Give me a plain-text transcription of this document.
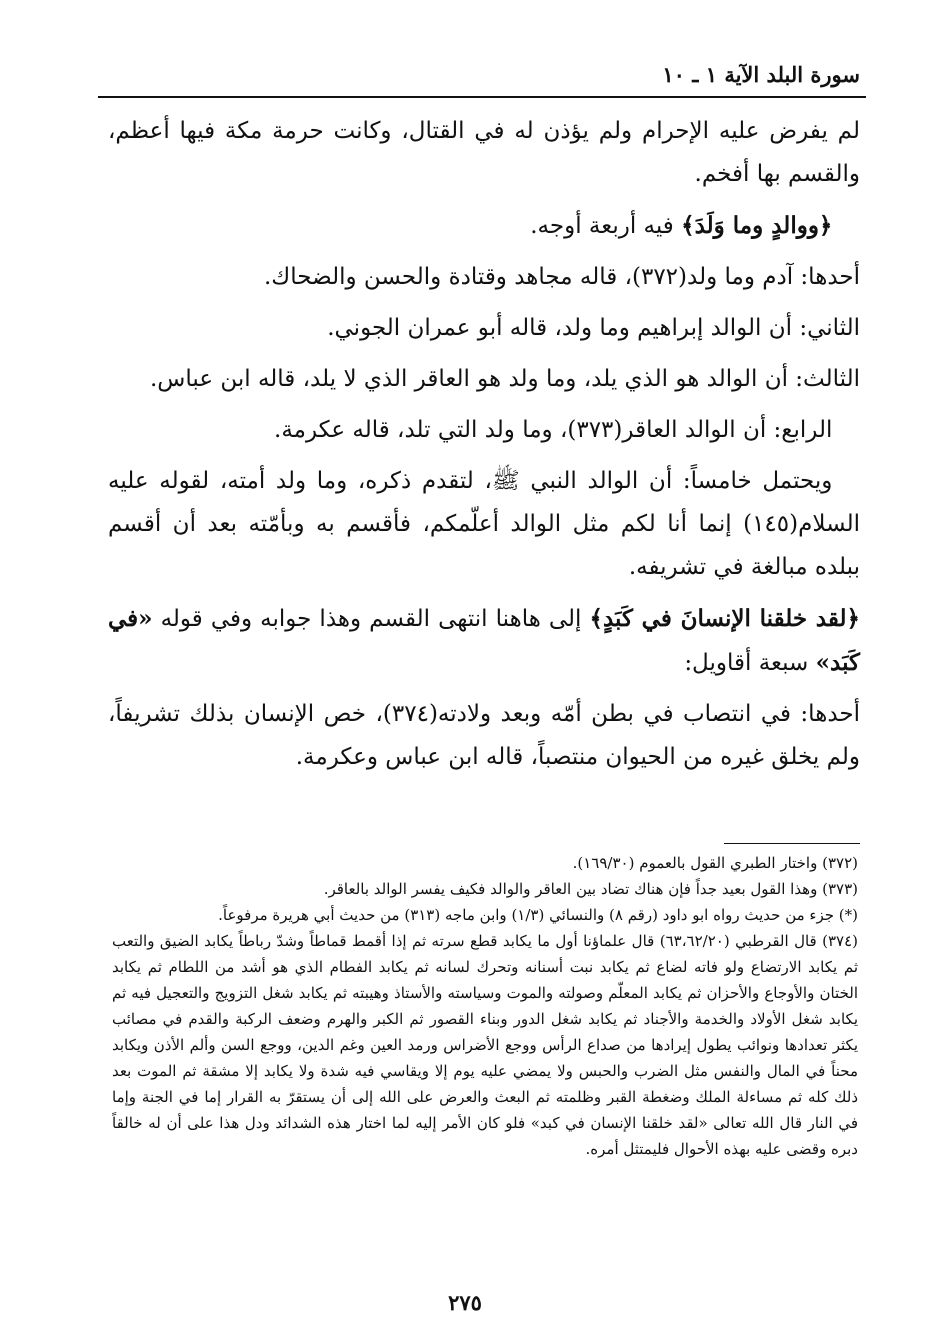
سورة البلد الآية ١ ـ ١٠

لم يفرض عليه الإحرام ولم يؤذن له في القتال، وكانت حرمة مكة فيها أعظم، والقسم بها أفخم.

﴿ووالدٍ وما وَلَدَ﴾ فيه أربعة أوجه.

أحدها: آدم وما ولد(٣٧٢)، قاله مجاهد وقتادة والحسن والضحاك.

الثاني: أن الوالد إبراهيم وما ولد، قاله أبو عمران الجوني.

الثالث: أن الوالد هو الذي يلد، وما ولد هو العاقر الذي لا يلد، قاله ابن عباس.

الرابع: أن الوالد العاقر(٣٧٣)، وما ولد التي تلد، قاله عكرمة.

ويحتمل خامساً: أن الوالد النبي ﷺ، لتقدم ذكره، وما ولد أمته، لقوله عليه السلام(١٤٥) إنما أنا لكم مثل الوالد أعلّمكم، فأقسم به وبأمّته بعد أن أقسم ببلده مبالغة في تشريفه.

﴿لقد خلقنا الإنسانَ في كَبَدٍ﴾ إلى هاهنا انتهى القسم وهذا جوابه وفي قوله «في كَبَد» سبعة أقاويل:

أحدها: في انتصاب في بطن أمّه وبعد ولادته(٣٧٤)، خص الإنسان بذلك تشريفاً، ولم يخلق غيره من الحيوان منتصباً، قاله ابن عباس وعكرمة.

(٣٧٢) واختار الطبري القول بالعموم (١٦٩/٣٠).

(٣٧٣) وهذا القول بعيد جداً فإن هناك تضاد بين العاقر والوالد فكيف يفسر الوالد بالعاقر.

(*) جزء من حديث رواه ابو داود (رقم ٨) والنسائي (١/٣) وابن ماجه (٣١٣) من حديث أبي هريرة مرفوعاً.

(٣٧٤) قال القرطبي (٦٣،٦٢/٢٠) قال علماؤنا أول ما يكابد قطع سرته ثم إذا أقمط قماطاً وشدّ رباطاً يكابد الضيق والتعب ثم يكابد الارتضاع ولو فاته لضاع ثم يكابد نبت أسنانه وتحرك لسانه ثم يكابد الفطام الذي هو أشد من اللطام ثم يكابد الختان والأوجاع والأحزان ثم يكابد المعلّم وصولته والموت وسياسته والأستاذ وهيبته ثم يكابد شغل التزويج والتعجيل فيه ثم يكابد شغل الأولاد والخدمة والأجناد ثم يكابد شغل الدور وبناء القصور ثم الكبر والهرم وضعف الركبة والقدم في مصائب يكثر تعدادها ونوائب يطول إيرادها من صداع الرأس ووجع الأضراس ورمد العين وغم الدين، ووجع السن وألم الأذن ويكابد محناً في المال والنفس مثل الضرب والحبس ولا يمضي عليه يوم إلا ويقاسي فيه شدة ولا يكابد إلا مشقة ثم الموت بعد ذلك كله ثم مساءلة الملك وضغطة القبر وظلمته ثم البعث والعرض على الله إلى أن يستقرّ به القرار إما في الجنة وإما في النار قال الله تعالى «لقد خلقنا الإنسان في كبد» فلو كان الأمر إليه لما اختار هذه الشدائد ودل هذا على أن له خالقاً دبره وقضى عليه بهذه الأحوال فليمتثل أمره.

٢٧٥
